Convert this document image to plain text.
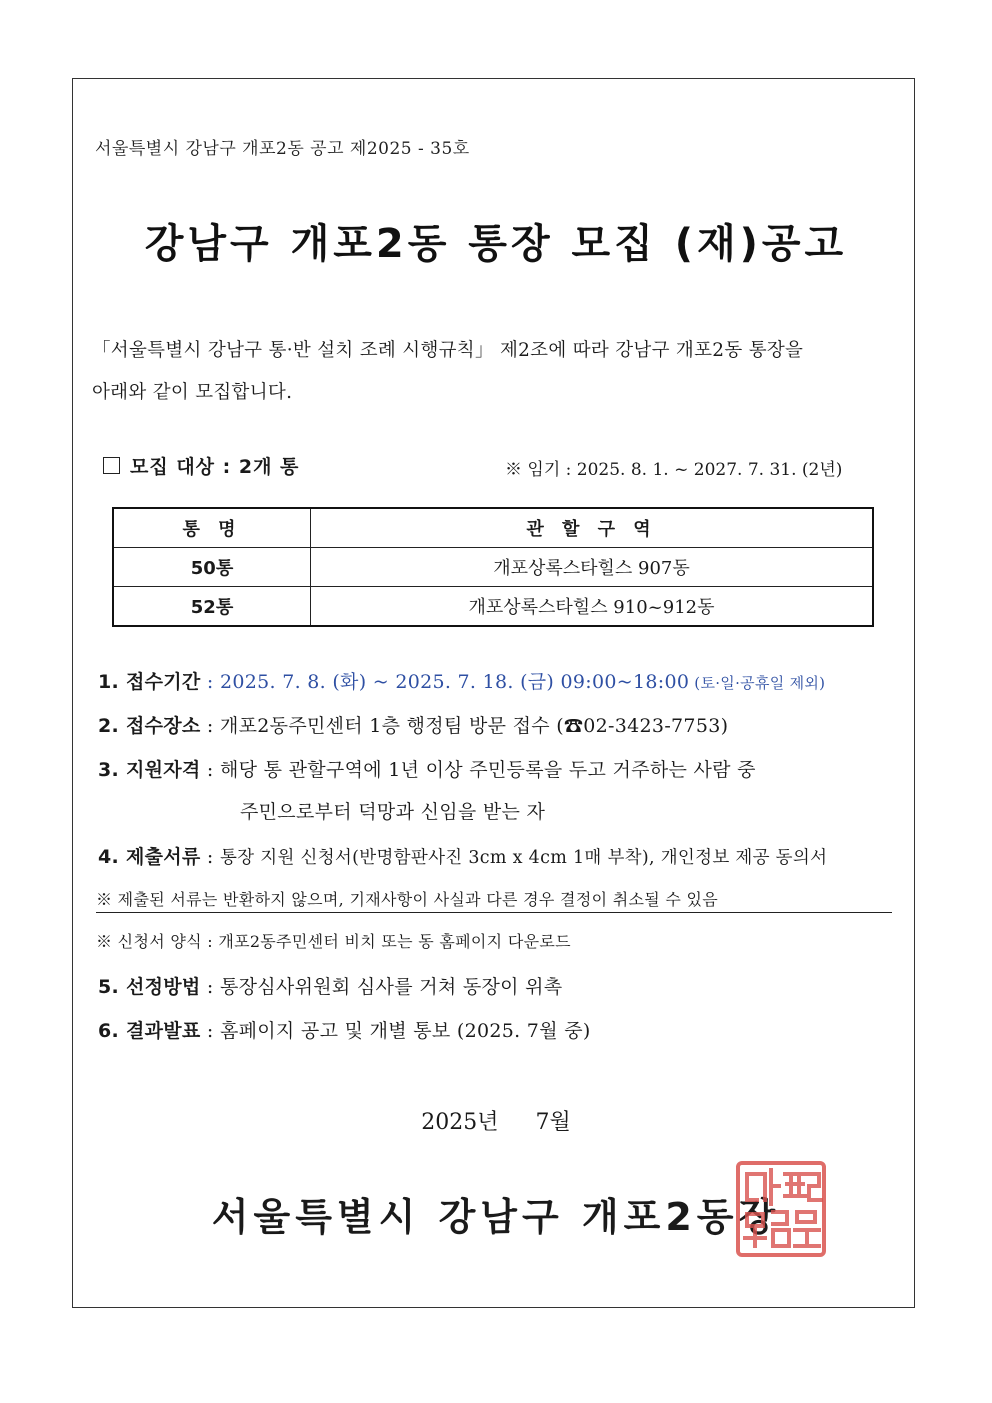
서울특별시 강남구 개포2동 공고 제2025 - 35호
강남구 개포2동 통장 모집 (재)공고
「서울특별시 강남구 통·반 설치 조례 시행규칙」 제2조에 따라 강남구 개포2동 통장을
아래와 같이 모집합니다.
모집 대상 : 2개 통	※ 임기 : 2025. 8. 1. ~ 2027. 7. 31. (2년)
통 명	관 할 구 역
50통	개포상록스타힐스 907동
52통	개포상록스타힐스 910~912동
1. 접수기간 : 2025. 7. 8. (화) ~ 2025. 7. 18. (금) 09:00~18:00 (토·일·공휴일 제외)
2. 접수장소 : 개포2동주민센터 1층 행정팀 방문 접수 (☎02-3423-7753)
3. 지원자격 : 해당 통 관할구역에 1년 이상 주민등록을 두고 거주하는 사람 중
주민으로부터 덕망과 신임을 받는 자
4. 제출서류 : 통장 지원 신청서(반명함판사진 3cm x 4cm 1매 부착), 개인정보 제공 동의서
※ 제출된 서류는 반환하지 않으며, 기재사항이 사실과 다른 경우 결정이 취소될 수 있음
※ 신청서 양식 : 개포2동주민센터 비치 또는 동 홈페이지 다운로드
5. 선정방법 : 통장심사위원회 심사를 거쳐 동장이 위촉
6. 결과발표 : 홈페이지 공고 및 개별 통보 (2025. 7월 중)
2025년 7월
서울특별시 강남구 개포2동장
